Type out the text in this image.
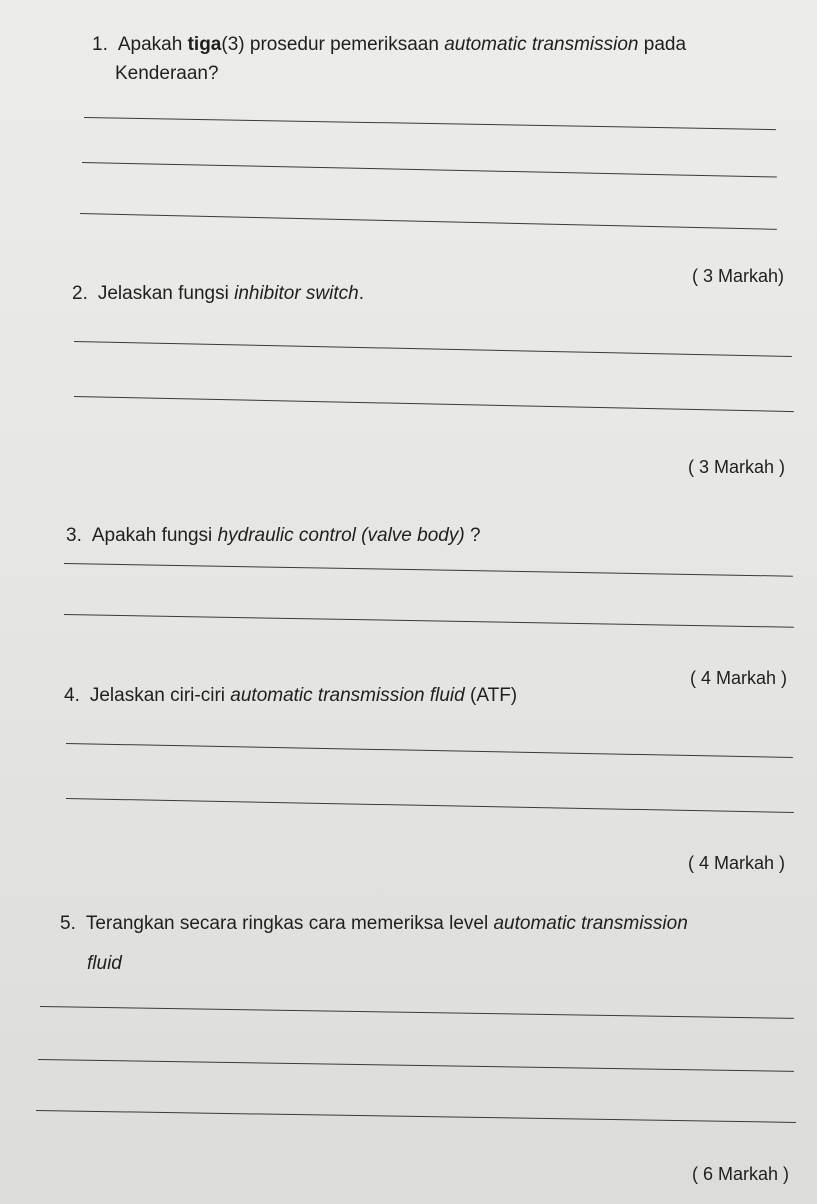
1. Apakah tiga(3) prosedur pemeriksaan automatic transmission pada
Kenderaan?
( 3 Markah)
2. Jelaskan fungsi inhibitor switch.
( 3 Markah )
3. Apakah fungsi hydraulic control (valve body) ?
( 4 Markah )
4. Jelaskan ciri-ciri automatic transmission fluid (ATF)
( 4 Markah )
5. Terangkan secara ringkas cara memeriksa level automatic transmission
fluid
( 6 Markah )
